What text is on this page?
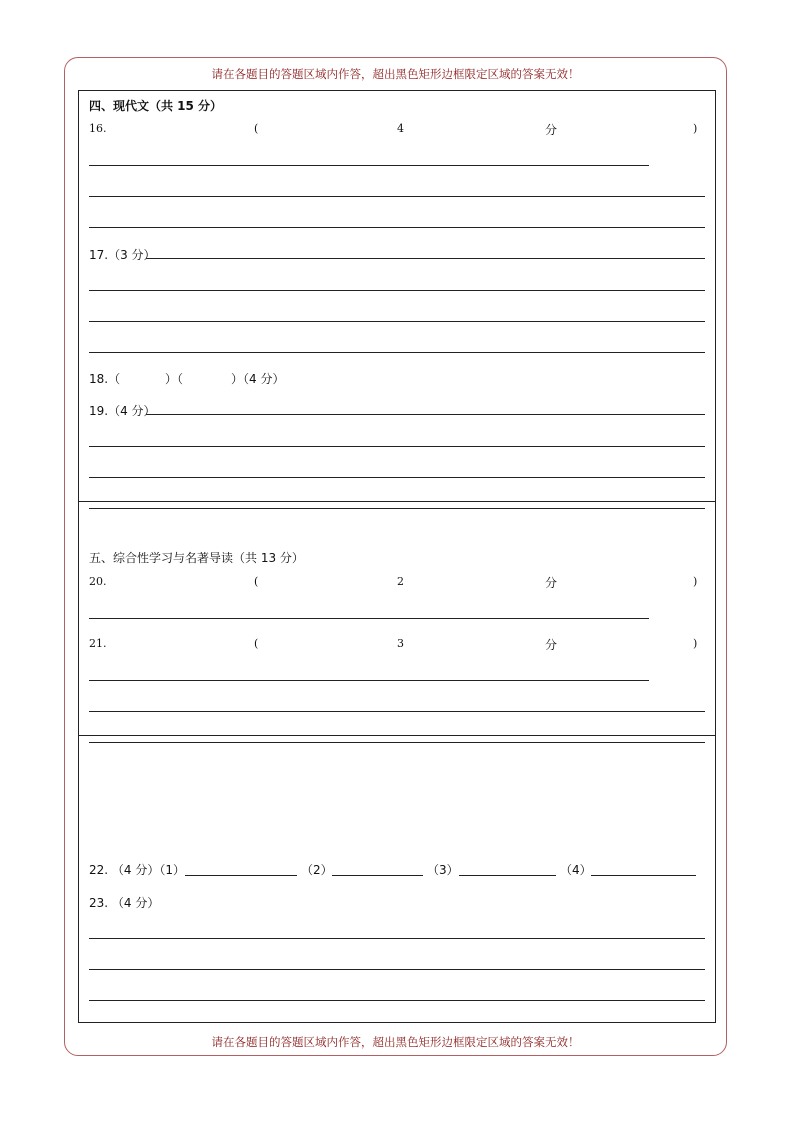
请在各题目的答题区域内作答，超出黑色矩形边框限定区域的答案无效！
请在各题目的答题区域内作答，超出黑色矩形边框限定区域的答案无效！
四、现代文（共 15 分）
16.	(	4	分	)
17.（3 分）
18.（	）（	）（4 分）
19.（4 分）
五、综合性学习与名著导读（共 13 分）
20.	(	2	分	)
21.	(	3	分	)
22. （4 分）（1）	（2）	（3）	（4）
23. （4 分）
